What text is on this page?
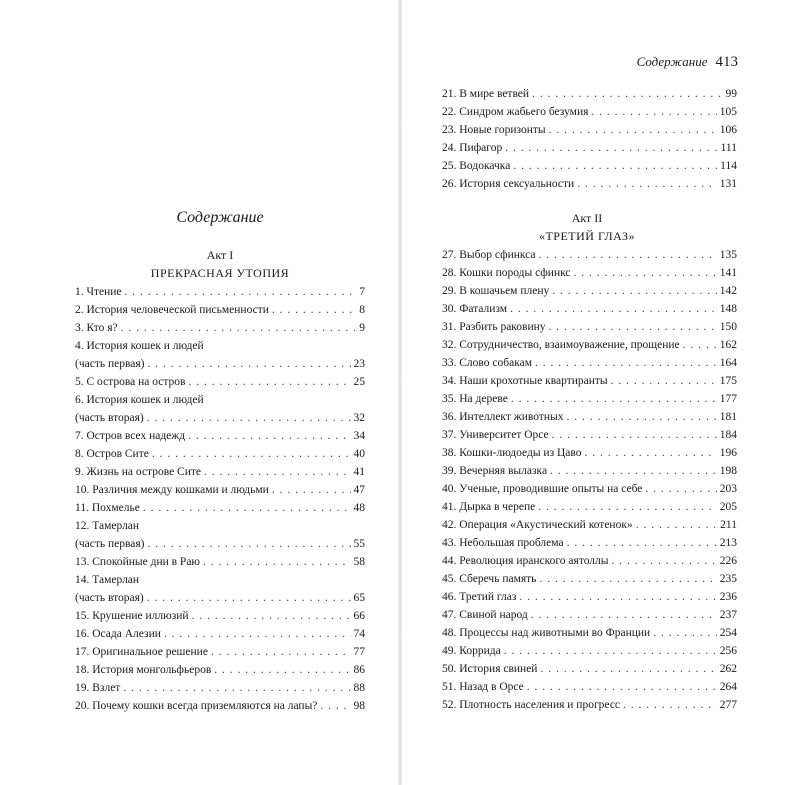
Содержание
Акт I
ПРЕКРАСНАЯ УТОПИЯ
1. Чтение . . .	7
2. История человеческой письменности . . .	8
3. Кто я? . . .	9
4. История кошек и людей
(часть первая) . . .	23
5. С острова на остров . . .	25
6. История кошек и людей
(часть вторая) . . .	32
7. Остров всех надежд . . .	34
8. Остров Сите . . .	40
9. Жизнь на острове Сите . . .	41
10. Различия между кошками и людьми . . .	47
11. Похмелье . . .	48
12. Тамерлан
(часть первая) . . .	55
13. Спокойные дни в Раю . . .	58
14. Тамерлан
(часть вторая) . . .	65
15. Крушение иллюзий . . .	66
16. Осада Алезии . . .	74
17. Оригинальное решение . . .	77
18. История монгольфьеров . . .	86
19. Взлет . . .	88
20. Почему кошки всегда приземляются на лапы? . . .	98
Содержание 413
21. В мире ветвей . . .	99
22. Синдром жабьего безумия . . .	105
23. Новые горизонты . . .	106
24. Пифагор . . .	111
25. Водокачка . . .	114
26. История сексуальности . . .	131
Акт II
«ТРЕТИЙ ГЛАЗ»
27. Выбор сфинкса . . .	135
28. Кошки породы сфинкс . . .	141
29. В кошачьем плену . . .	142
30. Фатализм . . .	148
31. Разбить раковину . . .	150
32. Сотрудничество, взаимоуважение, прощение . . .	162
33. Слово собакам . . .	164
34. Наши крохотные квартиранты . . .	175
35. На дереве . . .	177
36. Интеллект животных . . .	181
37. Университет Орсе . . .	184
38. Кошки-людоеды из Цаво . . .	196
39. Вечерняя вылазка . . .	198
40. Ученые, проводившие опыты на себе . . .	203
41. Дырка в черепе . . .	205
42. Операция «Акустический котенок» . . .	211
43. Небольшая проблема . . .	213
44. Революция иранского аятоллы . . .	226
45. Сберечь память . . .	235
46. Третий глаз . . .	236
47. Свиной народ . . .	237
48. Процессы над животными во Франции . . .	254
49. Коррида . . .	256
50. История свиней . . .	262
51. Назад в Орсе . . .	264
52. Плотность населения и прогресс . . .	277
